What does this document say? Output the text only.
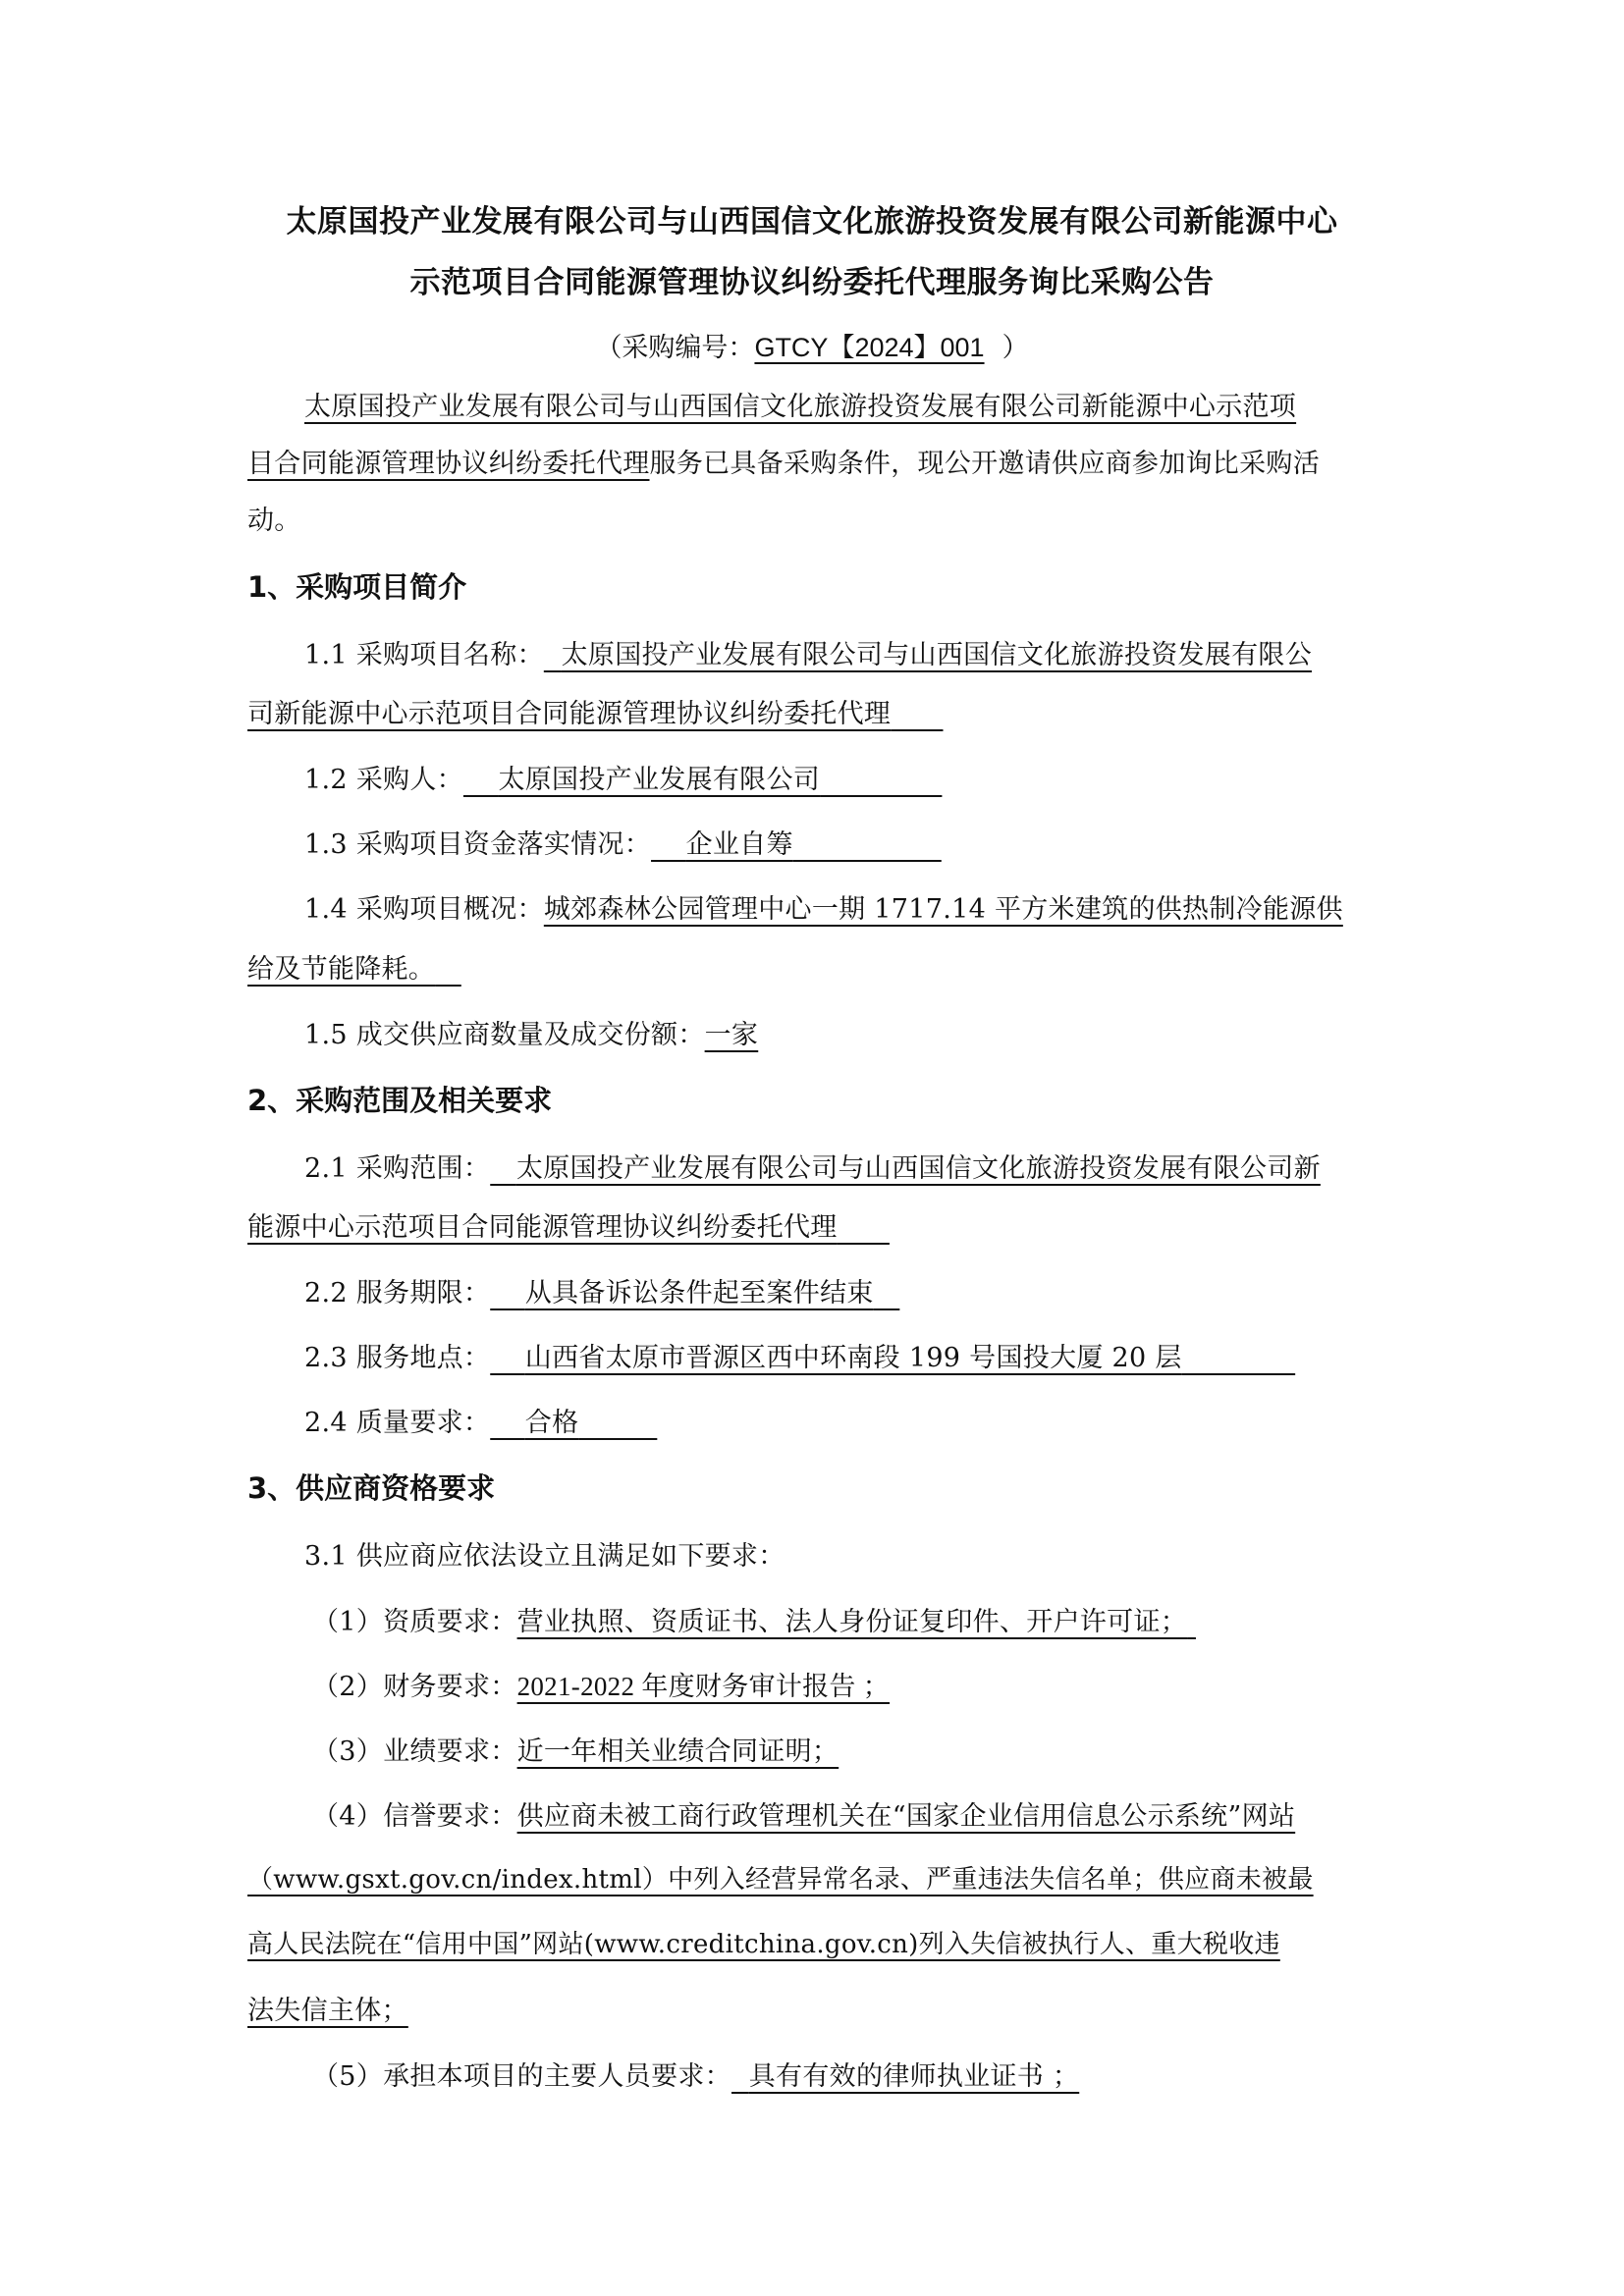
太原国投产业发展有限公司与山西国信文化旅游投资发展有限公司新能源中心
示范项目合同能源管理协议纠纷委托代理服务询比采购公告
（采购编号：GTCY【2024】001 ）
太原国投产业发展有限公司与山西国信文化旅游投资发展有限公司新能源中心示范项
目合同能源管理协议纠纷委托代理服务已具备采购条件，现公开邀请供应商参加询比采购活
动。
1、采购项目简介
1.1 采购项目名称： 太原国投产业发展有限公司与山西国信文化旅游投资发展有限公
司新能源中心示范项目合同能源管理协议纠纷委托代理
1.2 采购人： 太原国投产业发展有限公司
1.3 采购项目资金落实情况： 企业自筹
1.4 采购项目概况：城郊森林公园管理中心一期 1717.14 平方米建筑的供热制冷能源供
给及节能降耗。
1.5 成交供应商数量及成交份额：一家
2、采购范围及相关要求
2.1 采购范围： 太原国投产业发展有限公司与山西国信文化旅游投资发展有限公司新
能源中心示范项目合同能源管理协议纠纷委托代理
2.2 服务期限： 从具备诉讼条件起至案件结束
2.3 服务地点： 山西省太原市晋源区西中环南段 199 号国投大厦 20 层
2.4 质量要求： 合格
3、供应商资格要求
3.1 供应商应依法设立且满足如下要求：
（1）资质要求：营业执照、资质证书、法人身份证复印件、开户许可证；
（2）财务要求：2021-2022 年度财务审计报告 ；
（3）业绩要求：近一年相关业绩合同证明；
（4）信誉要求：供应商未被工商行政管理机关在“国家企业信用信息公示系统”网站
（www.gsxt.gov.cn/index.html）中列入经营异常名录、严重违法失信名单；供应商未被最
高人民法院在“信用中国”网站(www.creditchina.gov.cn)列入失信被执行人、重大税收违
法失信主体；
（5）承担本项目的主要人员要求： 具有有效的律师执业证书 ；
